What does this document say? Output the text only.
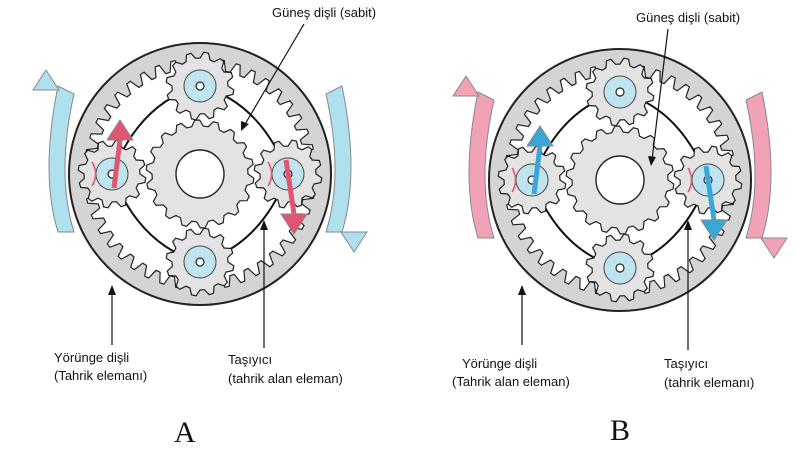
Güneş dişli (sabit)
Yörünge dişli
(Tahrik elemanı)
Taşıyıcı
(tahrik alan eleman)
A
Güneş dişli (sabit)
Yörünge dişli
(Tahrik alan eleman)
Taşıyıcı
(tahrik elemanı)
B
